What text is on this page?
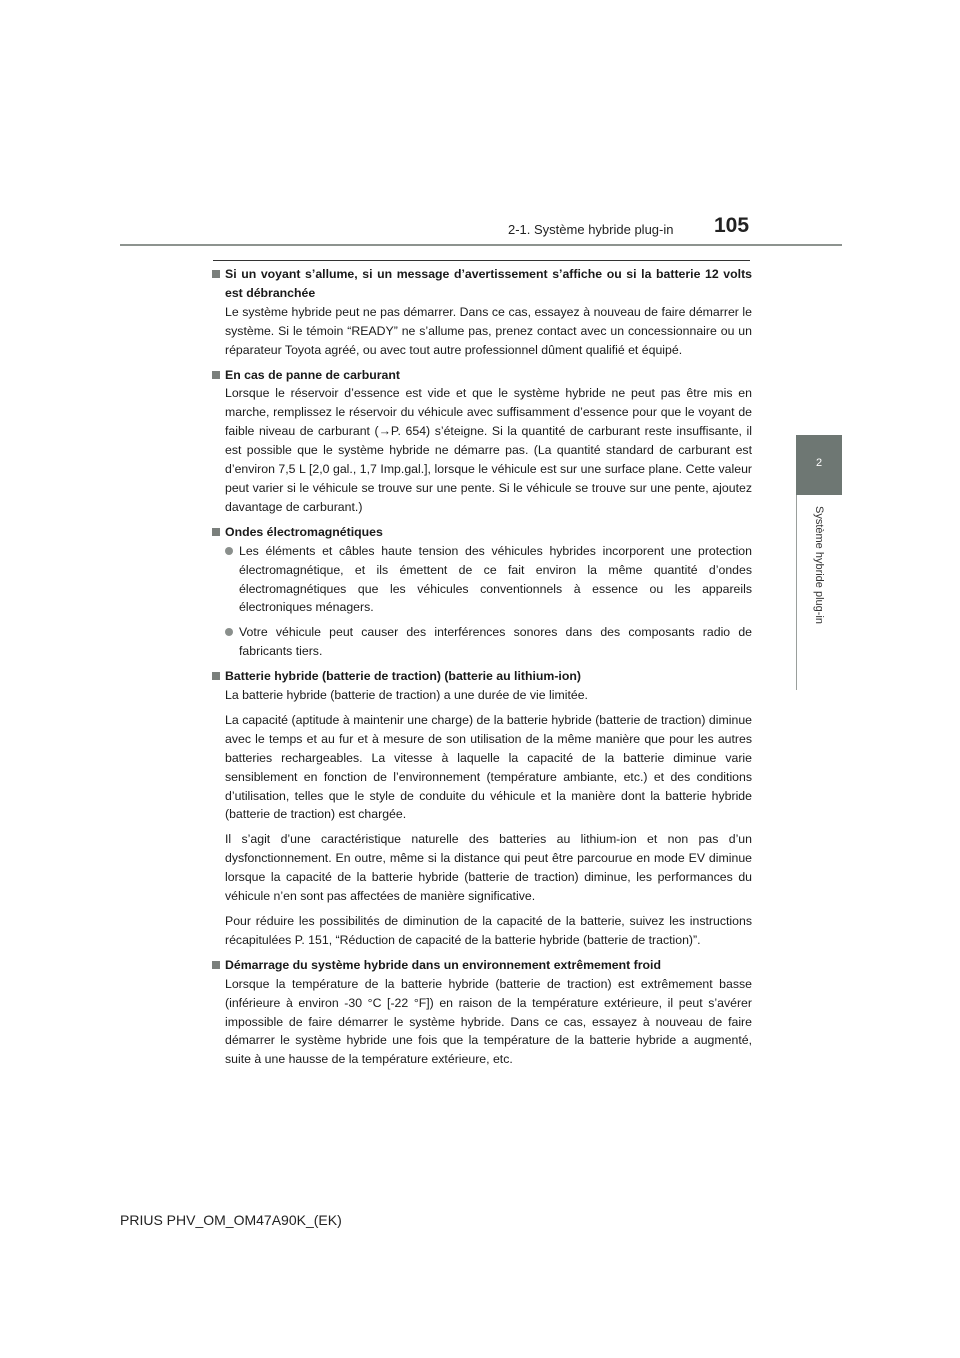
2-1. Système hybride plug-in 105
2
Système hybride plug-in
Si un voyant s’allume, si un message d’avertissement s’affiche ou si la batterie 12 volts est débranchée

Le système hybride peut ne pas démarrer. Dans ce cas, essayez à nouveau de faire démarrer le système. Si le témoin “READY” ne s’allume pas, prenez contact avec un concessionnaire ou un réparateur Toyota agréé, ou avec tout autre professionnel dûment qualifié et équipé.

En cas de panne de carburant

Lorsque le réservoir d’essence est vide et que le système hybride ne peut pas être mis en marche, remplissez le réservoir du véhicule avec suffisamment d’essence pour que le voyant de faible niveau de carburant (→P. 654) s’éteigne. Si la quantité de carburant reste insuffisante, il est possible que le système hybride ne démarre pas. (La quantité standard de carburant est d’environ 7,5 L [2,0 gal., 1,7 Imp.gal.], lorsque le véhicule est sur une surface plane. Cette valeur peut varier si le véhicule se trouve sur une pente. Si le véhicule se trouve sur une pente, ajoutez davantage de carburant.)

Ondes électromagnétiques
Les éléments et câbles haute tension des véhicules hybrides incorporent une protection électromagnétique, et ils émettent de ce fait environ la même quantité d’ondes électromagnétiques que les véhicules conventionnels à essence ou les appareils électroniques ménagers.
Votre véhicule peut causer des interférences sonores dans des composants radio de fabricants tiers.
Batterie hybride (batterie de traction) (batterie au lithium-ion)

La batterie hybride (batterie de traction) a une durée de vie limitée.

La capacité (aptitude à maintenir une charge) de la batterie hybride (batterie de traction) diminue avec le temps et au fur et à mesure de son utilisation de la même manière que pour les autres batteries rechargeables. La vitesse à laquelle la capacité de la batterie diminue varie sensiblement en fonction de l’environnement (température ambiante, etc.) et des conditions d’utilisation, telles que le style de conduite du véhicule et la manière dont la batterie hybride (batterie de traction) est chargée.

Il s’agit d’une caractéristique naturelle des batteries au lithium-ion et non pas d’un dysfonctionnement. En outre, même si la distance qui peut être parcourue en mode EV diminue lorsque la capacité de la batterie hybride (batterie de traction) diminue, les performances du véhicule n’en sont pas affectées de manière significative.

Pour réduire les possibilités de diminution de la capacité de la batterie, suivez les instructions récapitulées P. 151, “Réduction de capacité de la batterie hybride (batterie de traction)”.

Démarrage du système hybride dans un environnement extrêmement froid

Lorsque la température de la batterie hybride (batterie de traction) est extrêmement basse (inférieure à environ -30 °C [-22 °F]) en raison de la température extérieure, il peut s’avérer impossible de faire démarrer le système hybride. Dans ce cas, essayez à nouveau de faire démarrer le système hybride une fois que la température de la batterie hybride a augmenté, suite à une hausse de la température extérieure, etc.

PRIUS PHV_OM_OM47A90K_(EK)
